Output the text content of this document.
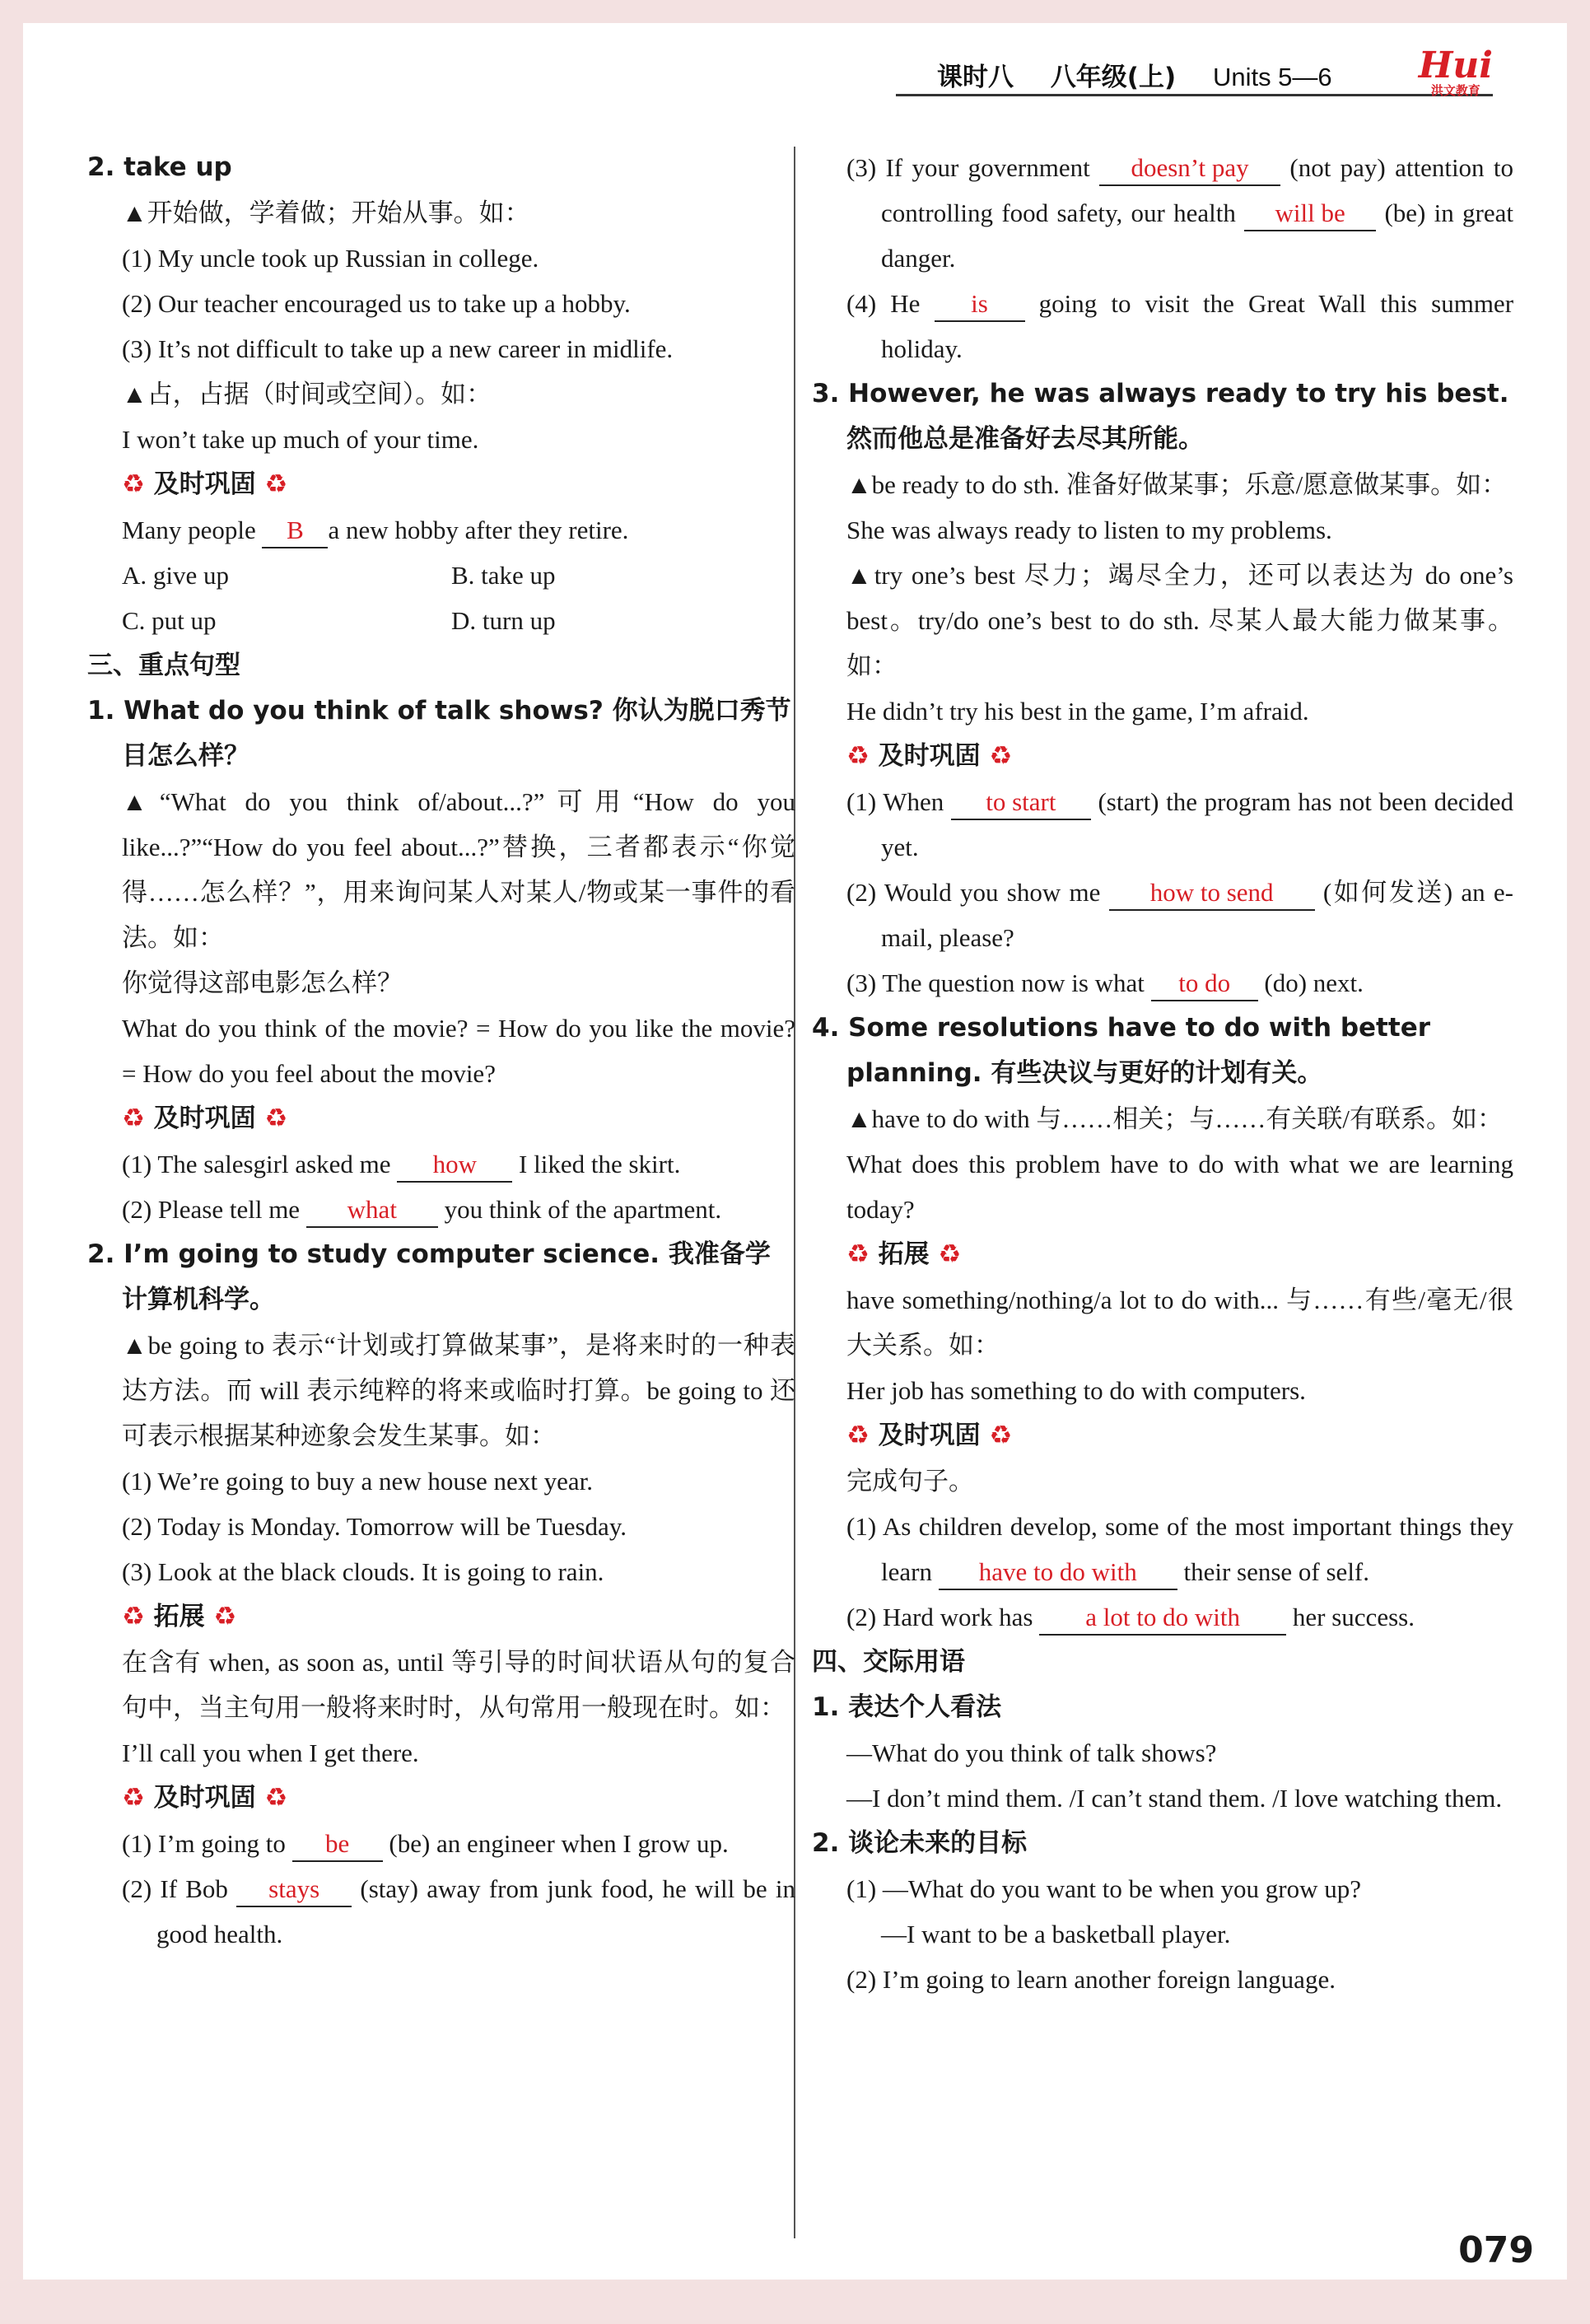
课时八 八年级(上) Units 5—6	Hui
洪文教育

2. take up

▲开始做，学着做；开始从事。如：

(1) My uncle took up Russian in college.

(2) Our teacher encouraged us to take up a hobby.

(3) It’s not difficult to take up a new career in midlife.

▲占，占据（时间或空间）。如：

I won’t take up much of your time.

♻ 及时巩固 ♻

Many people B a new hobby after they retire.

A. give up	B. take up
C. put up	D. turn up

三、重点句型

1. What do you think of talk shows? 你认为脱口秀节目怎么样？

▲“What do you think of/about...?”可用“How do you like...?”“How do you feel about...?”替换，三者都表示“你觉得……怎么样？”，用来询问某人对某人/物或某一事件的看法。如：

你觉得这部电影怎么样？

What do you think of the movie? = How do you like the movie? = How do you feel about the movie?

♻ 及时巩固 ♻

(1) The salesgirl asked me how I liked the skirt.

(2) Please tell me what you think of the apartment.

2. I’m going to study computer science. 我准备学计算机科学。

▲be going to 表示“计划或打算做某事”，是将来时的一种表达方法。而 will 表示纯粹的将来或临时打算。be going to 还可表示根据某种迹象会发生某事。如：

(1) We’re going to buy a new house next year.

(2) Today is Monday. Tomorrow will be Tuesday.

(3) Look at the black clouds. It is going to rain.

♻ 拓展 ♻

在含有 when, as soon as, until 等引导的时间状语从句的复合句中，当主句用一般将来时时，从句常用一般现在时。如：

I’ll call you when I get there.

♻ 及时巩固 ♻

(1) I’m going to be (be) an engineer when I grow up.

(2) If Bob stays (stay) away from junk food, he will be in good health.

(3) If your government doesn’t pay (not pay) attention to controlling food safety, our health will be (be) in great danger.

(4) He is going to visit the Great Wall this summer holiday.

3. However, he was always ready to try his best. 然而他总是准备好去尽其所能。

▲be ready to do sth. 准备好做某事；乐意/愿意做某事。如：

She was always ready to listen to my problems.

▲try one’s best 尽力；竭尽全力，还可以表达为 do one’s best。try/do one’s best to do sth. 尽某人最大能力做某事。如：

He didn’t try his best in the game, I’m afraid.

♻ 及时巩固 ♻

(1) When to start (start) the program has not been decided yet.

(2) Would you show me how to send (如何发送) an e-mail, please?

(3) The question now is what to do (do) next.

4. Some resolutions have to do with better planning. 有些决议与更好的计划有关。

▲have to do with 与……相关；与……有关联/有联系。如：

What does this problem have to do with what we are learning today?

♻ 拓展 ♻

have something/nothing/a lot to do with... 与……有些/毫无/很大关系。如：

Her job has something to do with computers.

♻ 及时巩固 ♻

完成句子。

(1) As children develop, some of the most important things they learn have to do with their sense of self.

(2) Hard work has a lot to do with her success.

四、交际用语

1. 表达个人看法

—What do you think of talk shows?

—I don’t mind them. /I can’t stand them. /I love watching them.

2. 谈论未来的目标

(1) —What do you want to be when you grow up?

—I want to be a basketball player.

(2) I’m going to learn another foreign language.

079
